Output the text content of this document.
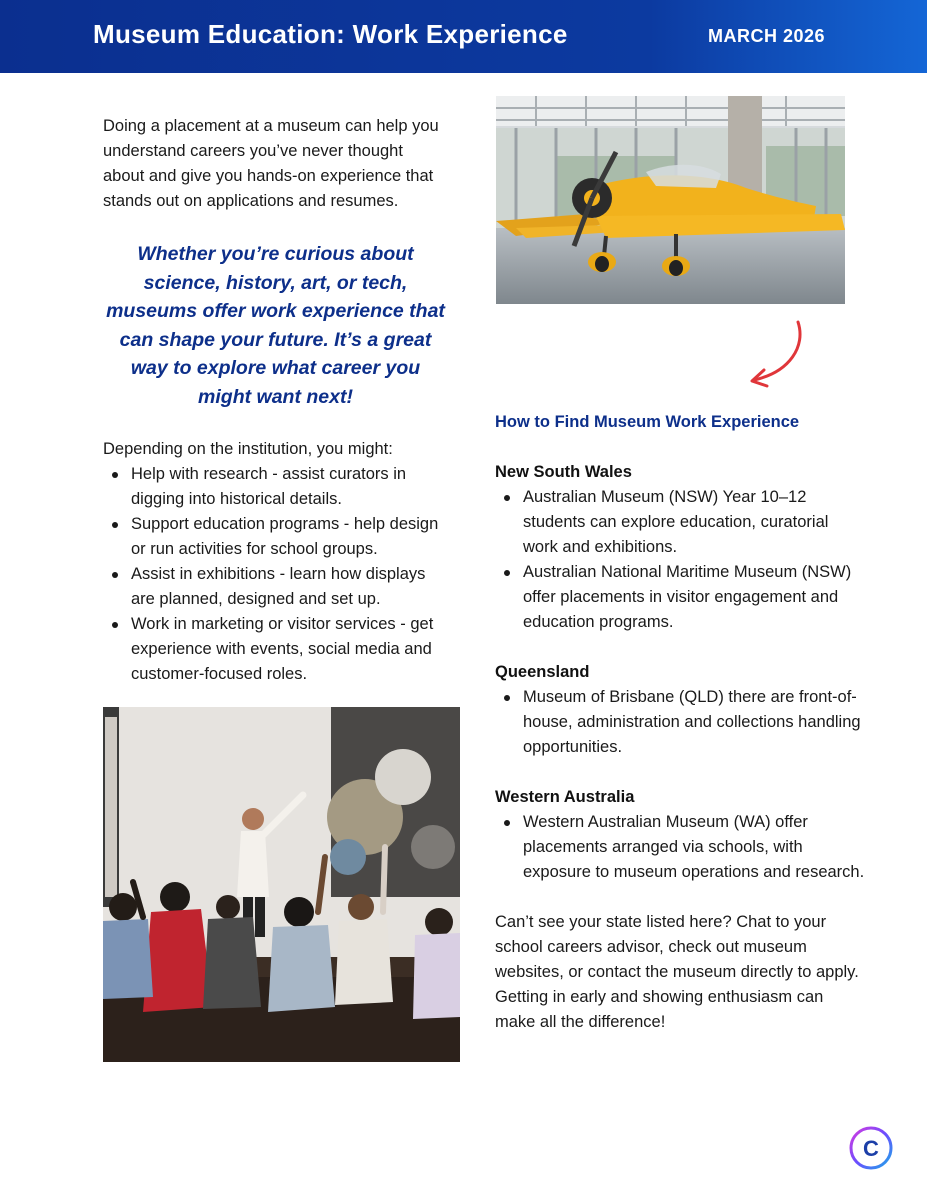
Museum Education: Work Experience	MARCH 2026

Doing a placement at a museum can help you understand careers you’ve never thought about and give you hands-on experience that stands out on applications and resumes.

Whether you’re curious about science, history, art, or tech, museums offer work experience that can shape your future. It’s a great way to explore what career you might want next!

Depending on the institution, you might:

Help with research - assist curators in digging into historical details.
Support education programs - help design or run activities for school groups.
Assist in exhibitions - learn how displays are planned, designed and set up.
Work in marketing or visitor services - get experience with events, social media and customer-focused roles.
How to Find Museum Work Experience
New South Wales
Australian Museum (NSW) Year 10–12 students can explore education, curatorial work and exhibitions.
Australian National Maritime Museum (NSW) offer placements in visitor engagement and education programs.
Queensland
Museum of Brisbane (QLD) there are front-of-house, administration and collections handling opportunities.
Western Australia
Western Australian Museum (WA) offer placements arranged via schools, with exposure to museum operations and research.

Can’t see your state listed here? Chat to your school careers advisor, check out museum websites, or contact the museum directly to apply. Getting in early and showing enthusiasm can make all the difference!

C
